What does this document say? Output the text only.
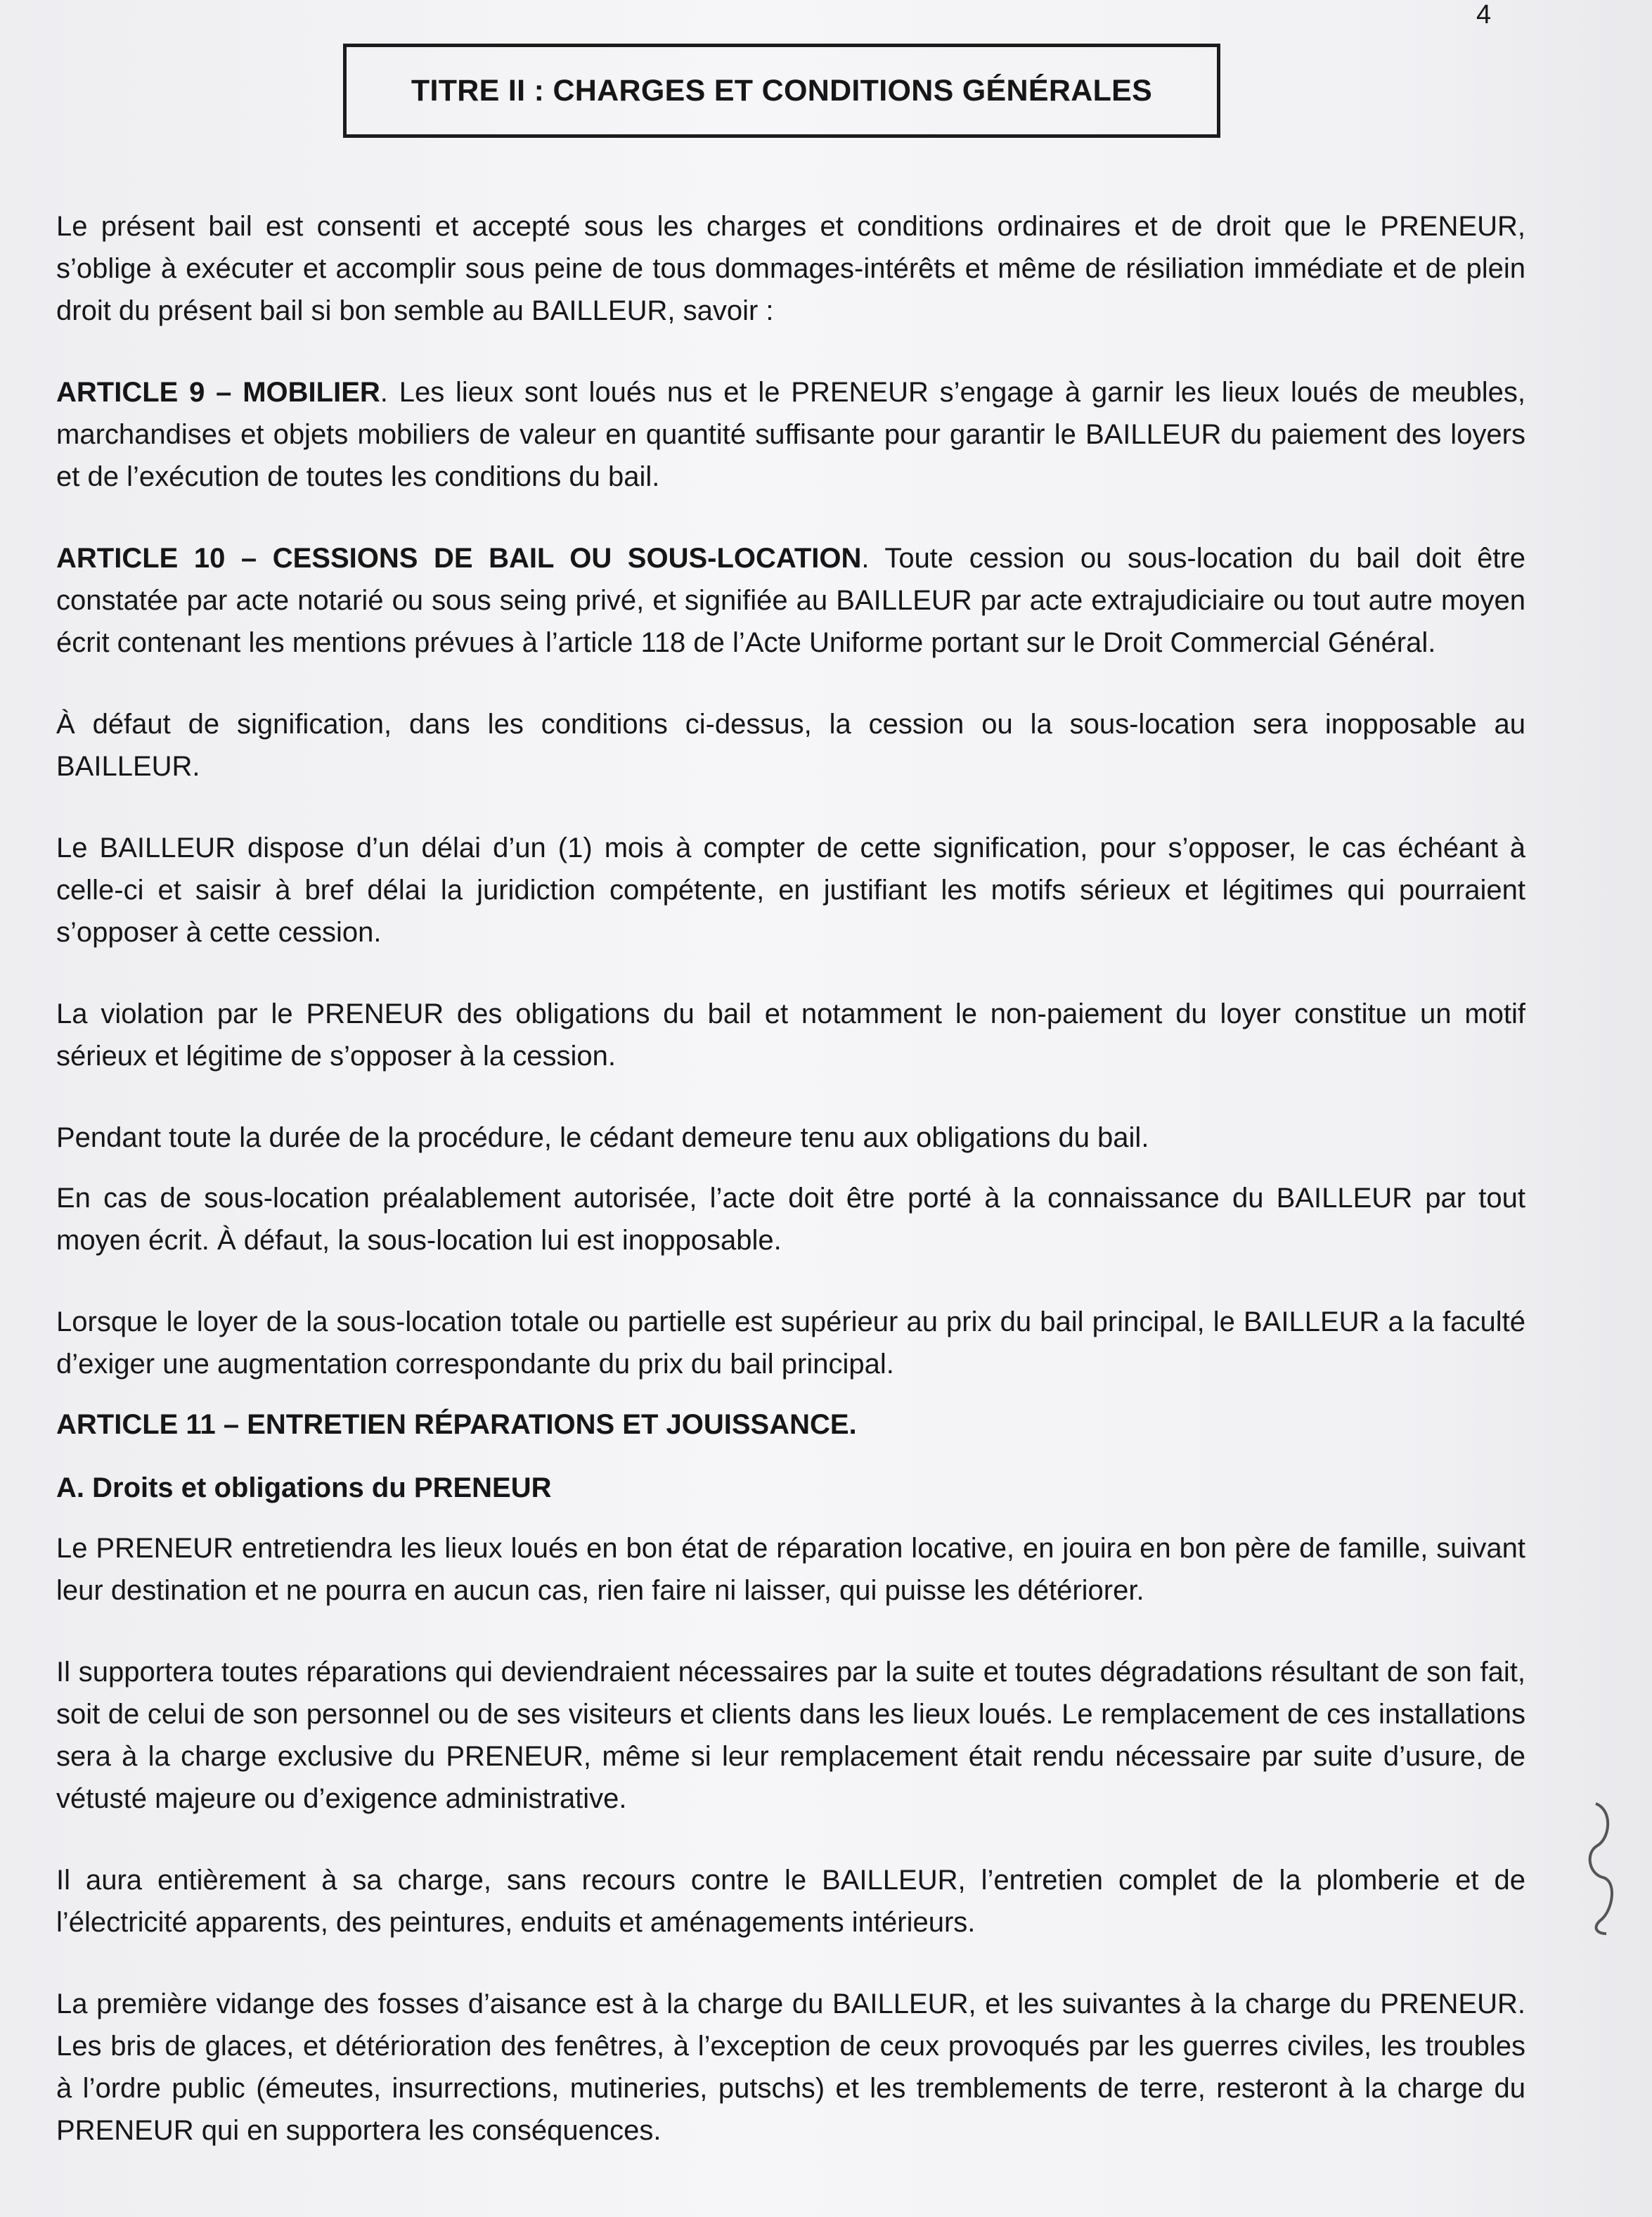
4
TITRE II : CHARGES ET CONDITIONS GÉNÉRALES

Le présent bail est consenti et accepté sous les charges et conditions ordinaires et de droit que le PRENEUR, s’oblige à exécuter et accomplir sous peine de tous dommages-intérêts et même de résiliation immédiate et de plein droit du présent bail si bon semble au BAILLEUR, savoir :

ARTICLE 9 – MOBILIER. Les lieux sont loués nus et le PRENEUR s’engage à garnir les lieux loués de meubles, marchandises et objets mobiliers de valeur en quantité suffisante pour garantir le BAILLEUR du paiement des loyers et de l’exécution de toutes les conditions du bail.

ARTICLE 10 – CESSIONS DE BAIL OU SOUS-LOCATION. Toute cession ou sous-location du bail doit être constatée par acte notarié ou sous seing privé, et signifiée au BAILLEUR par acte extrajudiciaire ou tout autre moyen écrit contenant les mentions prévues à l’article 118 de l’Acte Uniforme portant sur le Droit Commercial Général.

À défaut de signification, dans les conditions ci-dessus, la cession ou la sous-location sera inopposable au BAILLEUR.

Le BAILLEUR dispose d’un délai d’un (1) mois à compter de cette signification, pour s’opposer, le cas échéant à celle-ci et saisir à bref délai la juridiction compétente, en justifiant les motifs sérieux et légitimes qui pourraient s’opposer à cette cession.

La violation par le PRENEUR des obligations du bail et notamment le non-paiement du loyer constitue un motif sérieux et légitime de s’opposer à la cession.

Pendant toute la durée de la procédure, le cédant demeure tenu aux obligations du bail.

En cas de sous-location préalablement autorisée, l’acte doit être porté à la connaissance du BAILLEUR par tout moyen écrit. À défaut, la sous-location lui est inopposable.

Lorsque le loyer de la sous-location totale ou partielle est supérieur au prix du bail principal, le BAILLEUR a la faculté d’exiger une augmentation correspondante du prix du bail principal.

ARTICLE 11 – ENTRETIEN RÉPARATIONS ET JOUISSANCE.

A. Droits et obligations du PRENEUR

Le PRENEUR entretiendra les lieux loués en bon état de réparation locative, en jouira en bon père de famille, suivant leur destination et ne pourra en aucun cas, rien faire ni laisser, qui puisse les détériorer.

Il supportera toutes réparations qui deviendraient nécessaires par la suite et toutes dégradations résultant de son fait, soit de celui de son personnel ou de ses visiteurs et clients dans les lieux loués. Le remplacement de ces installations sera à la charge exclusive du PRENEUR, même si leur remplacement était rendu nécessaire par suite d’usure, de vétusté majeure ou d’exigence administrative.

Il aura entièrement à sa charge, sans recours contre le BAILLEUR, l’entretien complet de la plomberie et de l’électricité apparents, des peintures, enduits et aménagements intérieurs.

La première vidange des fosses d’aisance est à la charge du BAILLEUR, et les suivantes à la charge du PRENEUR. Les bris de glaces, et détérioration des fenêtres, à l’exception de ceux provoqués par les guerres civiles, les troubles à l’ordre public (émeutes, insurrections, mutineries, putschs) et les tremblements de terre, resteront à la charge du PRENEUR qui en supportera les conséquences.
